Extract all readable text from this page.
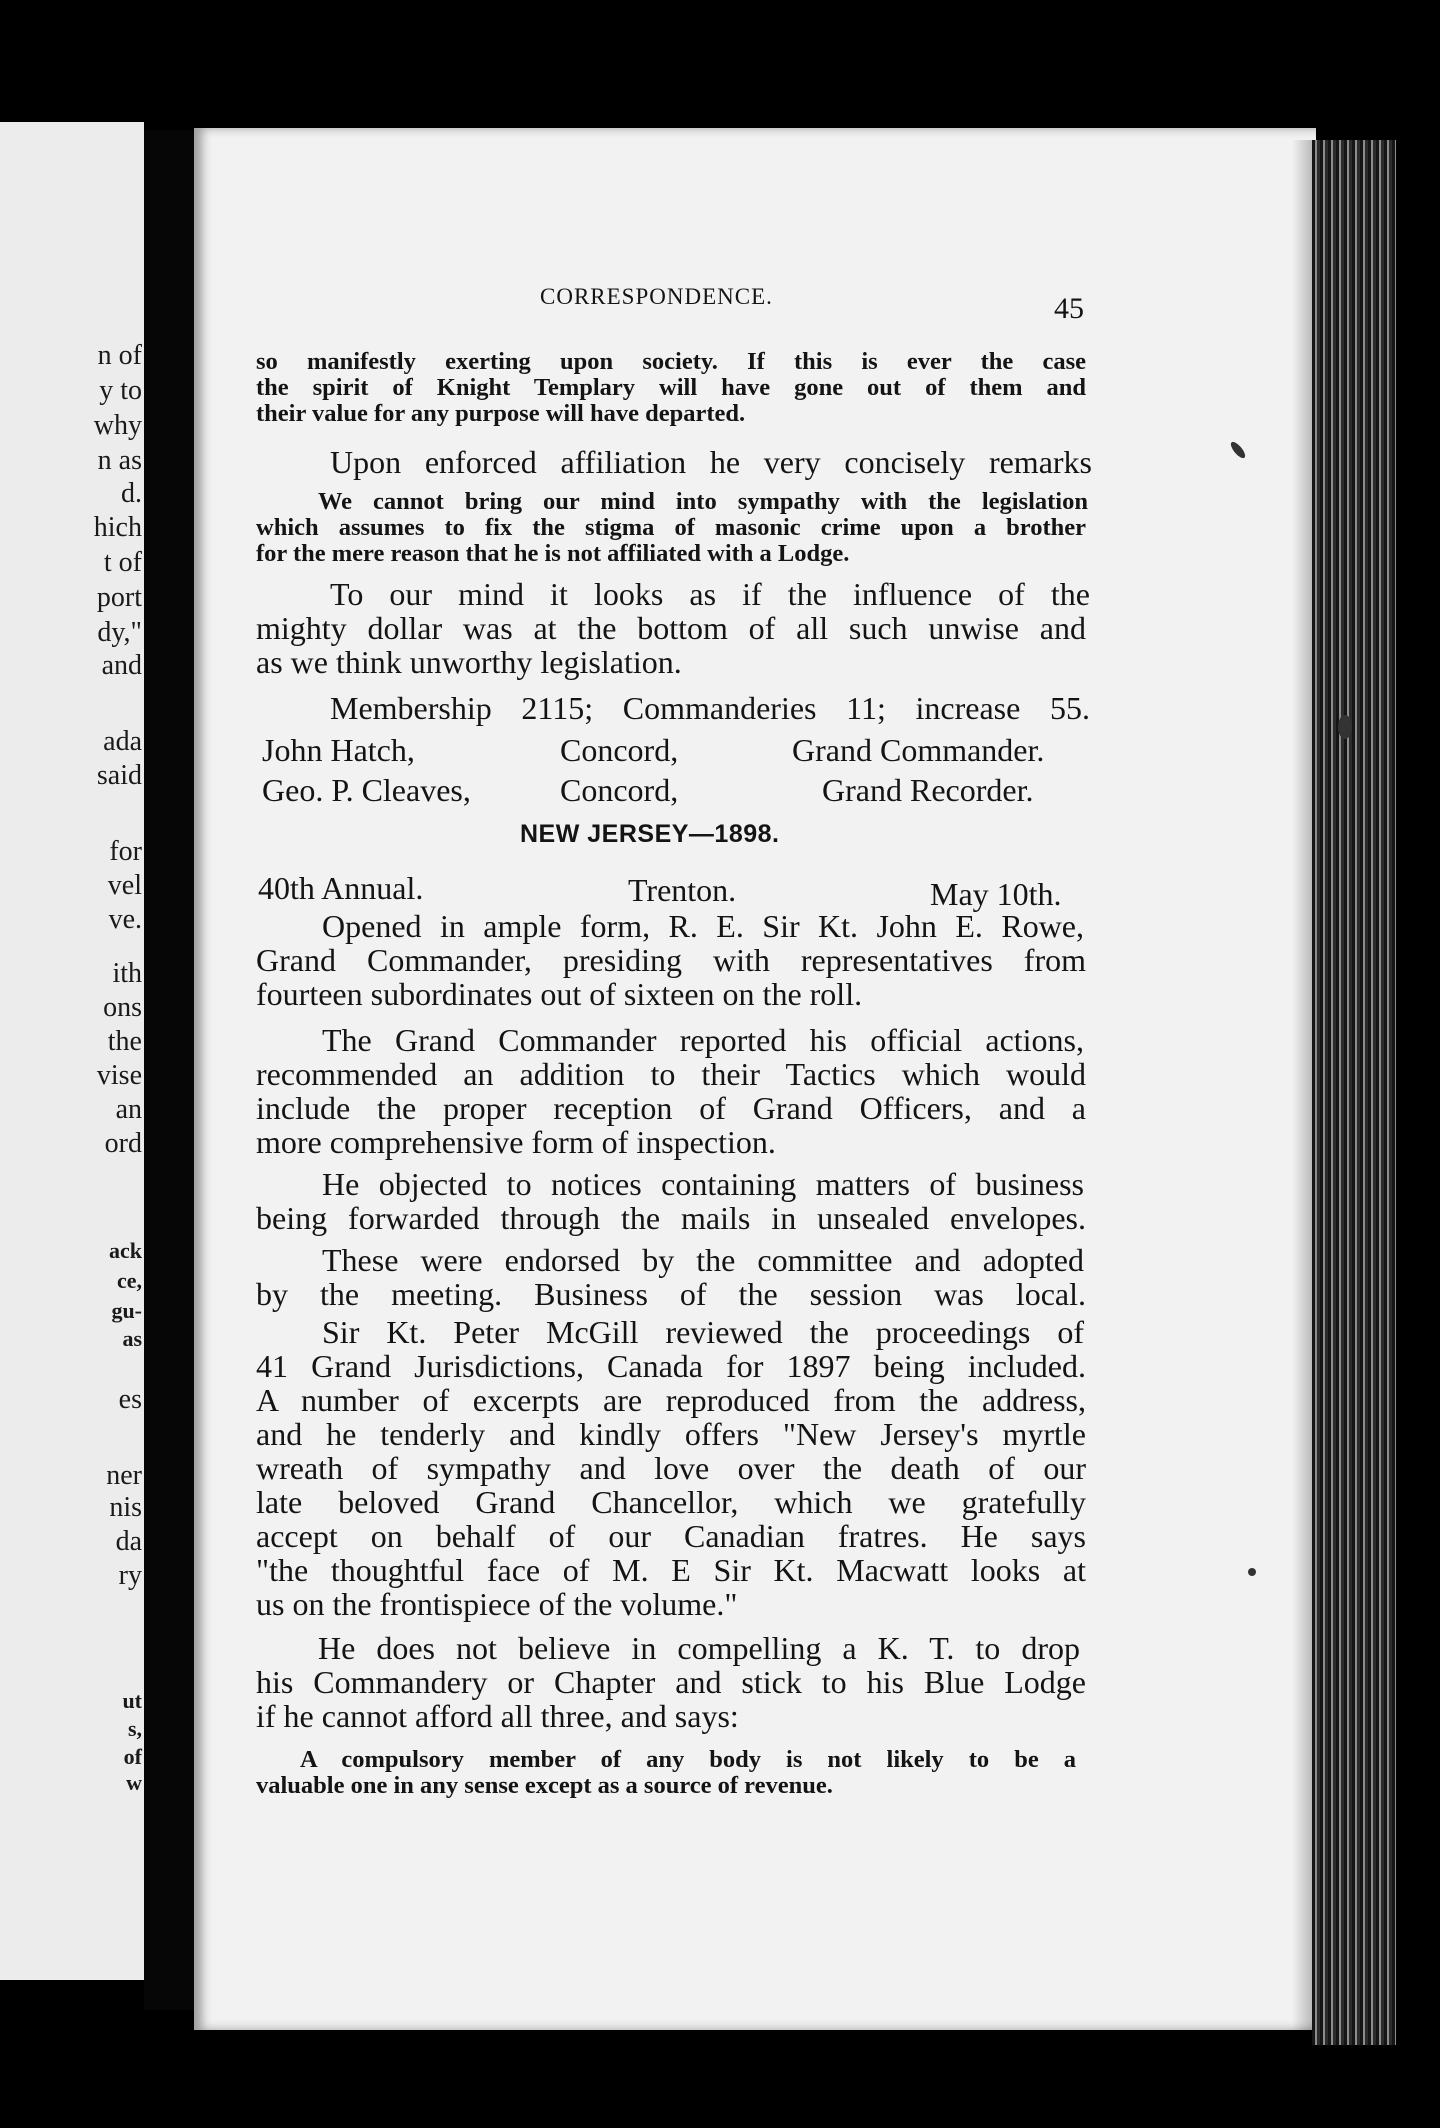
n of
y to
why
n as
d.
hich
t of
port
dy,"
and
ada
said
for
vel
ve.
ith
ons
the
vise
an
ord
ack
ce,
gu-
as
es
ner
nis
da
ry
ut
s,
of
w
CORRESPONDENCE.	45
so manifestly exerting upon society. If this is ever the case
the spirit of Knight Templary will have gone out of them and
their value for any purpose will have departed.
Upon enforced affiliation he very concisely remarks
We cannot bring our mind into sympathy with the legislation
which assumes to fix the stigma of masonic crime upon a brother
for the mere reason that he is not affiliated with a Lodge.
To our mind it looks as if the influence of the
mighty dollar was at the bottom of all such unwise and
as we think unworthy legislation.
Membership 2115; Commanderies 11; increase 55.
John Hatch,	Concord,	Grand Commander.
Geo. P. Cleaves,	Concord,	Grand Recorder.
NEW JERSEY—1898.
40th Annual.	Trenton.	May 10th.
Opened in ample form, R. E. Sir Kt. John E. Rowe,
Grand Commander, presiding with representatives from
fourteen subordinates out of sixteen on the roll.
The Grand Commander reported his official actions,
recommended an addition to their Tactics which would
include the proper reception of Grand Officers, and a
more comprehensive form of inspection.
He objected to notices containing matters of business
being forwarded through the mails in unsealed envelopes.
These were endorsed by the committee and adopted
by the meeting. Business of the session was local.
Sir Kt. Peter McGill reviewed the proceedings of
41 Grand Jurisdictions, Canada for 1897 being included.
A number of excerpts are reproduced from the address,
and he tenderly and kindly offers "New Jersey's myrtle
wreath of sympathy and love over the death of our
late beloved Grand Chancellor, which we gratefully
accept on behalf of our Canadian fratres. He says
"the thoughtful face of M. E Sir Kt. Macwatt looks at
us on the frontispiece of the volume."
He does not believe in compelling a K. T. to drop
his Commandery or Chapter and stick to his Blue Lodge
if he cannot afford all three, and says:
A compulsory member of any body is not likely to be a
valuable one in any sense except as a source of revenue.
